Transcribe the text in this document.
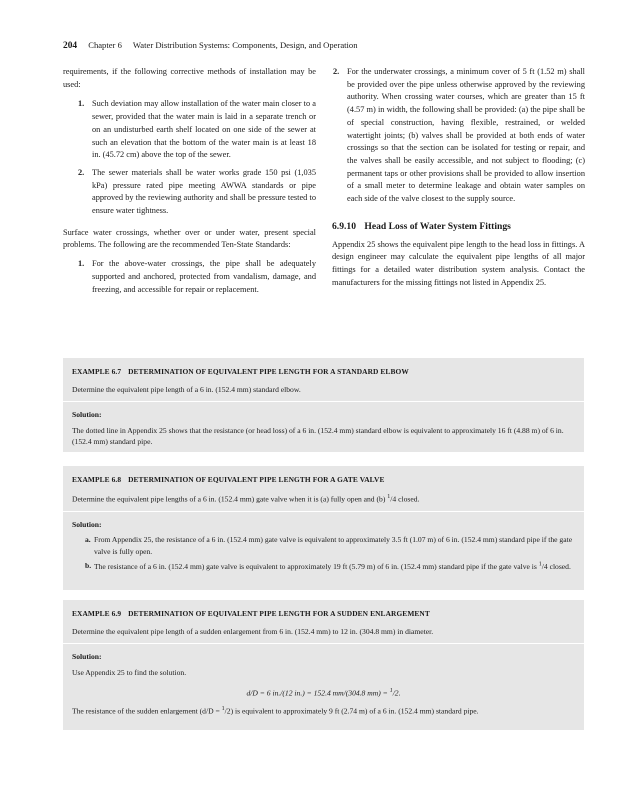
204 Chapter 6 Water Distribution Systems: Components, Design, and Operation

requirements, if the following corrective methods of installation may be used:

1. Such deviation may allow installation of the water main closer to a sewer, provided that the water main is laid in a separate trench or on an undisturbed earth shelf located on one side of the sewer at such an elevation that the bottom of the water main is at least 18 in. (45.72 cm) above the top of the sewer.
2. The sewer materials shall be water works grade 150 psi (1,035 kPa) pressure rated pipe meeting AWWA standards or pipe approved by the reviewing authority and shall be pressure tested to ensure water tightness.

Surface water crossings, whether over or under water, present special problems. The following are the recommended Ten-State Standards:

1. For the above-water crossings, the pipe shall be adequately supported and anchored, protected from vandalism, damage, and freezing, and accessible for repair or replacement.
2. For the underwater crossings, a minimum cover of 5 ft (1.52 m) shall be provided over the pipe unless otherwise approved by the reviewing authority. When crossing water courses, which are greater than 15 ft (4.57 m) in width, the following shall be provided: (a) the pipe shall be of special construction, having flexible, restrained, or welded watertight joints; (b) valves shall be provided at both ends of water crossings so that the section can be isolated for testing or repair, and the valves shall be easily accessible, and not subject to flooding; (c) permanent taps or other provisions shall be provided to allow insertion of a small meter to determine leakage and obtain water samples on each side of the valve closest to the supply source.
6.9.10 Head Loss of Water System Fittings

Appendix 25 shows the equivalent pipe length to the head loss in fittings. A design engineer may calculate the equivalent pipe lengths of all major fittings for a detailed water distribution system analysis. Contact the manufacturers for the missing fittings not listed in Appendix 25.

EXAMPLE 6.7 DETERMINATION OF EQUIVALENT PIPE LENGTH FOR A STANDARD ELBOW
Determine the equivalent pipe length of a 6 in. (152.4 mm) standard elbow.
Solution:
The dotted line in Appendix 25 shows that the resistance (or head loss) of a 6 in. (152.4 mm) standard elbow is equivalent to approximately 16 ft (4.88 m) of 6 in. (152.4 mm) standard pipe.
EXAMPLE 6.8 DETERMINATION OF EQUIVALENT PIPE LENGTH FOR A GATE VALVE
Determine the equivalent pipe lengths of a 6 in. (152.4 mm) gate valve when it is (a) fully open and (b) $^1$/4 closed.
Solution:
a. From Appendix 25, the resistance of a 6 in. (152.4 mm) gate valve is equivalent to approximately 3.5 ft (1.07 m) of 6 in. (152.4 mm) standard pipe if the gate valve is fully open.
b. The resistance of a 6 in. (152.4 mm) gate valve is equivalent to approximately 19 ft (5.79 m) of 6 in. (152.4 mm) standard pipe if the gate valve is $^1$/4 closed.
EXAMPLE 6.9 DETERMINATION OF EQUIVALENT PIPE LENGTH FOR A SUDDEN ENLARGEMENT
Determine the equivalent pipe length of a sudden enlargement from 6 in. (152.4 mm) to 12 in. (304.8 mm) in diameter.
Solution:
Use Appendix 25 to find the solution.
d/D = 6 in./(12 in.) = 152.4 mm/(304.8 mm) = $^1$/2.
The resistance of the sudden enlargement (d/D = $^1$/2) is equivalent to approximately 9 ft (2.74 m) of a 6 in. (152.4 mm) standard pipe.
